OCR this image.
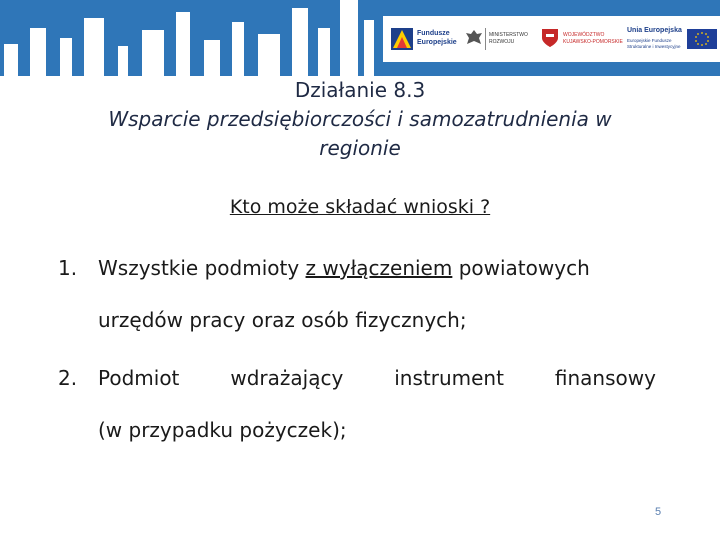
Fundusze
Europejskie
MINISTERSTWO
ROZWOJU
WOJEWÓDZTWO
KUJAWSKO-POMORSKIE
Unia Europejska
Europejskie Fundusze
Strukturalne i Inwestycyjne
Działanie 8.3
Wsparcie przedsiębiorczości i samozatrudnienia w
regionie
Kto może składać wnioski ?
1. Wszystkie podmioty z wyłączeniem powiatowych
urzędów pracy oraz osób fizycznych;
2. Podmiot	wdrażający	instrument	finansowy
(w przypadku pożyczek);
5
